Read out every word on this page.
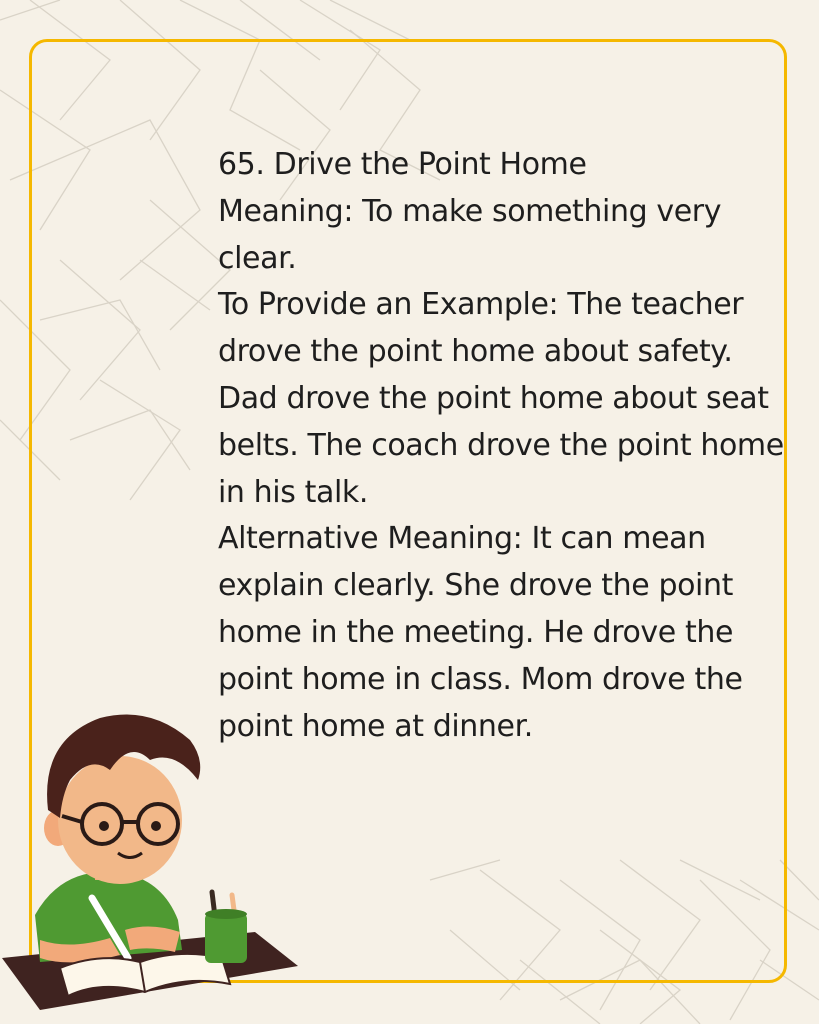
65. Drive the Point Home

Meaning: To make something very clear.

To Provide an Example: The teacher drove the point home about safety. Dad drove the point home about seat belts. The coach drove the point home in his talk.

Alternative Meaning: It can mean explain clearly. She drove the point home in the meeting. He drove the point home in class. Mom drove the point home at dinner.
